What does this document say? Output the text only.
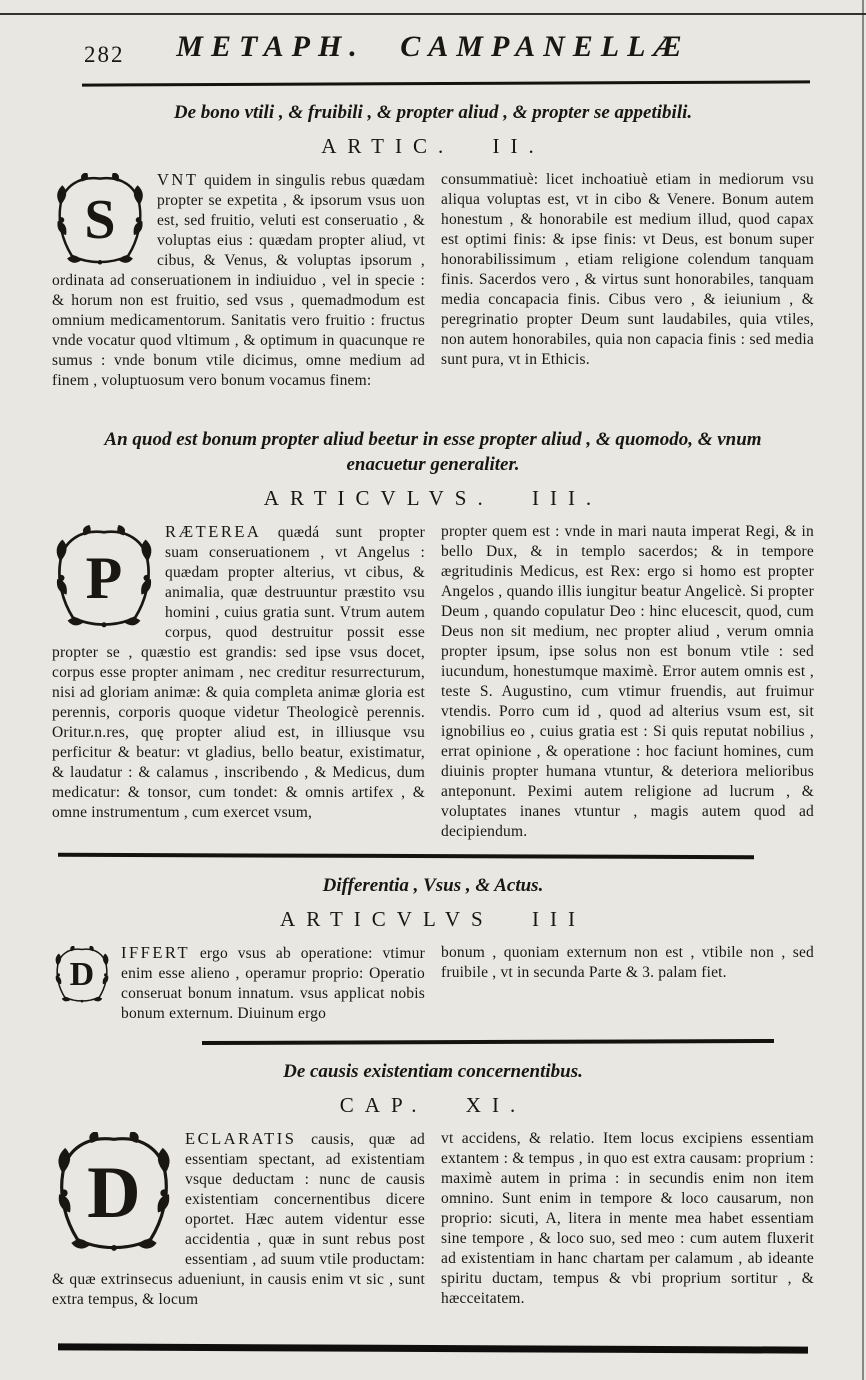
282 METAPH. CAMPANELLÆ
De bono vtili , & fruibili , & propter aliud , & propter se appetibili.
ARTIC. II.
S
VNT quidem in singulis rebus quædam propter se expetita , & ipsorum vsus uon est, sed fruitio, veluti est conseruatio , & voluptas eius : quædam propter aliud, vt cibus, & Venus, & voluptas ipsorum , ordinata ad conseruationem in indiuiduo , vel in specie : & horum non est fruitio, sed vsus , quemadmodum est omnium medicamentorum. Sanitatis vero fruitio : fructus vnde vocatur quod vltimum , & optimum in quacunque re sumus : vnde bonum vtile dicimus, omne medium ad finem , voluptuosum vero bonum vocamus finem:
consummatiuè: licet inchoatiuè etiam in mediorum vsu aliqua voluptas est, vt in cibo & Venere. Bonum autem honestum , & honorabile est medium illud, quod capax est optimi finis: & ipse finis: vt Deus, est bonum super honorabilissimum , etiam religione colendum tanquam finis. Sacerdos vero , & virtus sunt honorabiles, tanquam media concapacia finis. Cibus vero , & ieiunium , & peregrinatio propter Deum sunt laudabiles, quia vtiles, non autem honorabiles, quia non capacia finis : sed media sunt pura, vt in Ethicis.
An quod est bonum propter aliud beetur in esse propter aliud , & quomodo, & vnum enacuetur generaliter.
ARTICVLVS. III.
P
RÆTEREA quædá sunt propter suam conseruationem , vt Angelus : quædam propter alterius, vt cibus, & animalia, quæ destruuntur præstito vsu homini , cuius gratia sunt. Vtrum autem corpus, quod destruitur possit esse propter se , quæstio est grandis: sed ipse vsus docet, corpus esse propter animam , nec creditur resurrecturum, nisi ad gloriam animæ: & quia completa animæ gloria est perennis, corporis quoque videtur Theologicè perennis. Oritur.n.res, quę propter aliud est, in illiusque vsu perficitur & beatur: vt gladius, bello beatur, existimatur, & laudatur : & calamus , inscribendo , & Medicus, dum medicatur: & tonsor, cum tondet: & omnis artifex , & omne instrumentum , cum exercet vsum,
propter quem est : vnde in mari nauta imperat Regi, & in bello Dux, & in templo sacerdos; & in tempore ægritudinis Medicus, est Rex: ergo si homo est propter Angelos , quando illis iungitur beatur Angelicè. Si propter Deum , quando copulatur Deo : hinc elucescit, quod, cum Deus non sit medium, nec propter aliud , verum omnia propter ipsum, ipse solus non est bonum vtile : sed iucundum, honestumque maximè. Error autem omnis est , teste S. Augustino, cum vtimur fruendis, aut fruimur vtendis. Porro cum id , quod ad alterius vsum est, sit ignobilius eo , cuius gratia est : Si quis reputat nobilius , errat opinione , & operatione : hoc faciunt homines, cum diuinis propter humana vtuntur, & deteriora melioribus anteponunt. Peximi autem religione ad lucrum , & voluptates inanes vtuntur , magis autem quod ad decipiendum.
Differentia , Vsus , & Actus.
ARTICVLVS III
D
IFFERT ergo vsus ab operatione: vtimur enim esse alieno , operamur proprio: Operatio conseruat bonum innatum. vsus applicat nobis bonum externum. Diuinum ergo
bonum , quoniam externum non est , vtibile non , sed fruibile , vt in secunda Parte & 3. palam fiet.
De causis existentiam concernentibus.
CAP. XI.
D
ECLARATIS causis, quæ ad essentiam spectant, ad existentiam vsque deductam : nunc de causis existentiam concernentibus dicere oportet. Hæc autem videntur esse accidentia , quæ in sunt rebus post essentiam , ad suum vtile productam: & quæ extrinsecus adueniunt, in causis enim vt sic , sunt extra tempus, & locum
vt accidens, & relatio. Item locus excipiens essentiam extantem : & tempus , in quo est extra causam: proprium : maximè autem in prima : in secundis enim non item omnino. Sunt enim in tempore & loco causarum, non proprio: sicuti, A, litera in mente mea habet essentiam sine tempore , & loco suo, sed meo : cum autem fluxerit ad existentiam in hanc chartam per calamum , ab ideante spiritu ductam, tempus & vbi proprium sortitur , & hæcceitatem.
